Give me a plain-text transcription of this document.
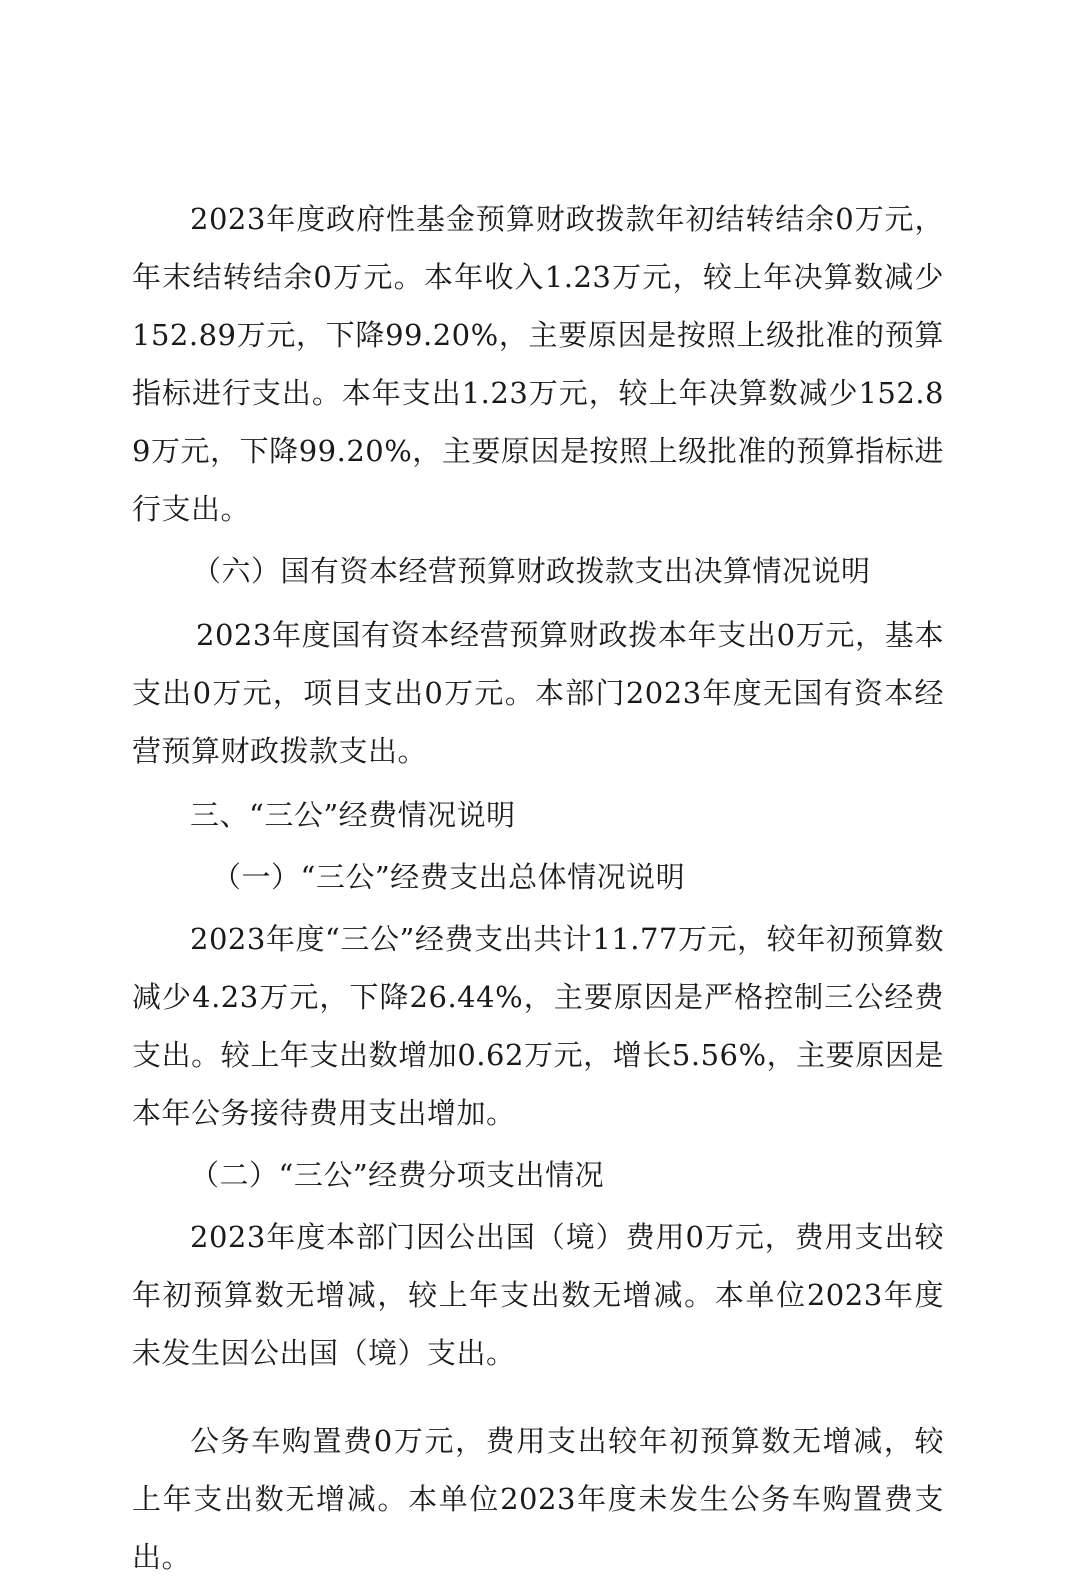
2023年度政府性基金预算财政拨款年初结转结余0万元，年末结转结余0万元。本年收入1.23万元，较上年决算数减少152.89万元，下降99.20%，主要原因是按照上级批准的预算指标进行支出。本年支出1.23万元，较上年决算数减少152.89万元，下降99.20%，主要原因是按照上级批准的预算指标进行支出。

（六）国有资本经营预算财政拨款支出决算情况说明

2023年度国有资本经营预算财政拨本年支出0万元，基本支出0万元，项目支出0万元。本部门2023年度无国有资本经营预算财政拨款支出。

三、“三公”经费情况说明

（一）“三公”经费支出总体情况说明

2023年度“三公”经费支出共计11.77万元，较年初预算数减少4.23万元，下降26.44%，主要原因是严格控制三公经费支出。较上年支出数增加0.62万元，增长5.56%，主要原因是本年公务接待费用支出增加。

（二）“三公”经费分项支出情况

2023年度本部门因公出国（境）费用0万元，费用支出较年初预算数无增减，较上年支出数无增减。本单位2023年度未发生因公出国（境）支出。

公务车购置费0万元，费用支出较年初预算数无增减，较上年支出数无增减。本单位2023年度未发生公务车购置费支出。
